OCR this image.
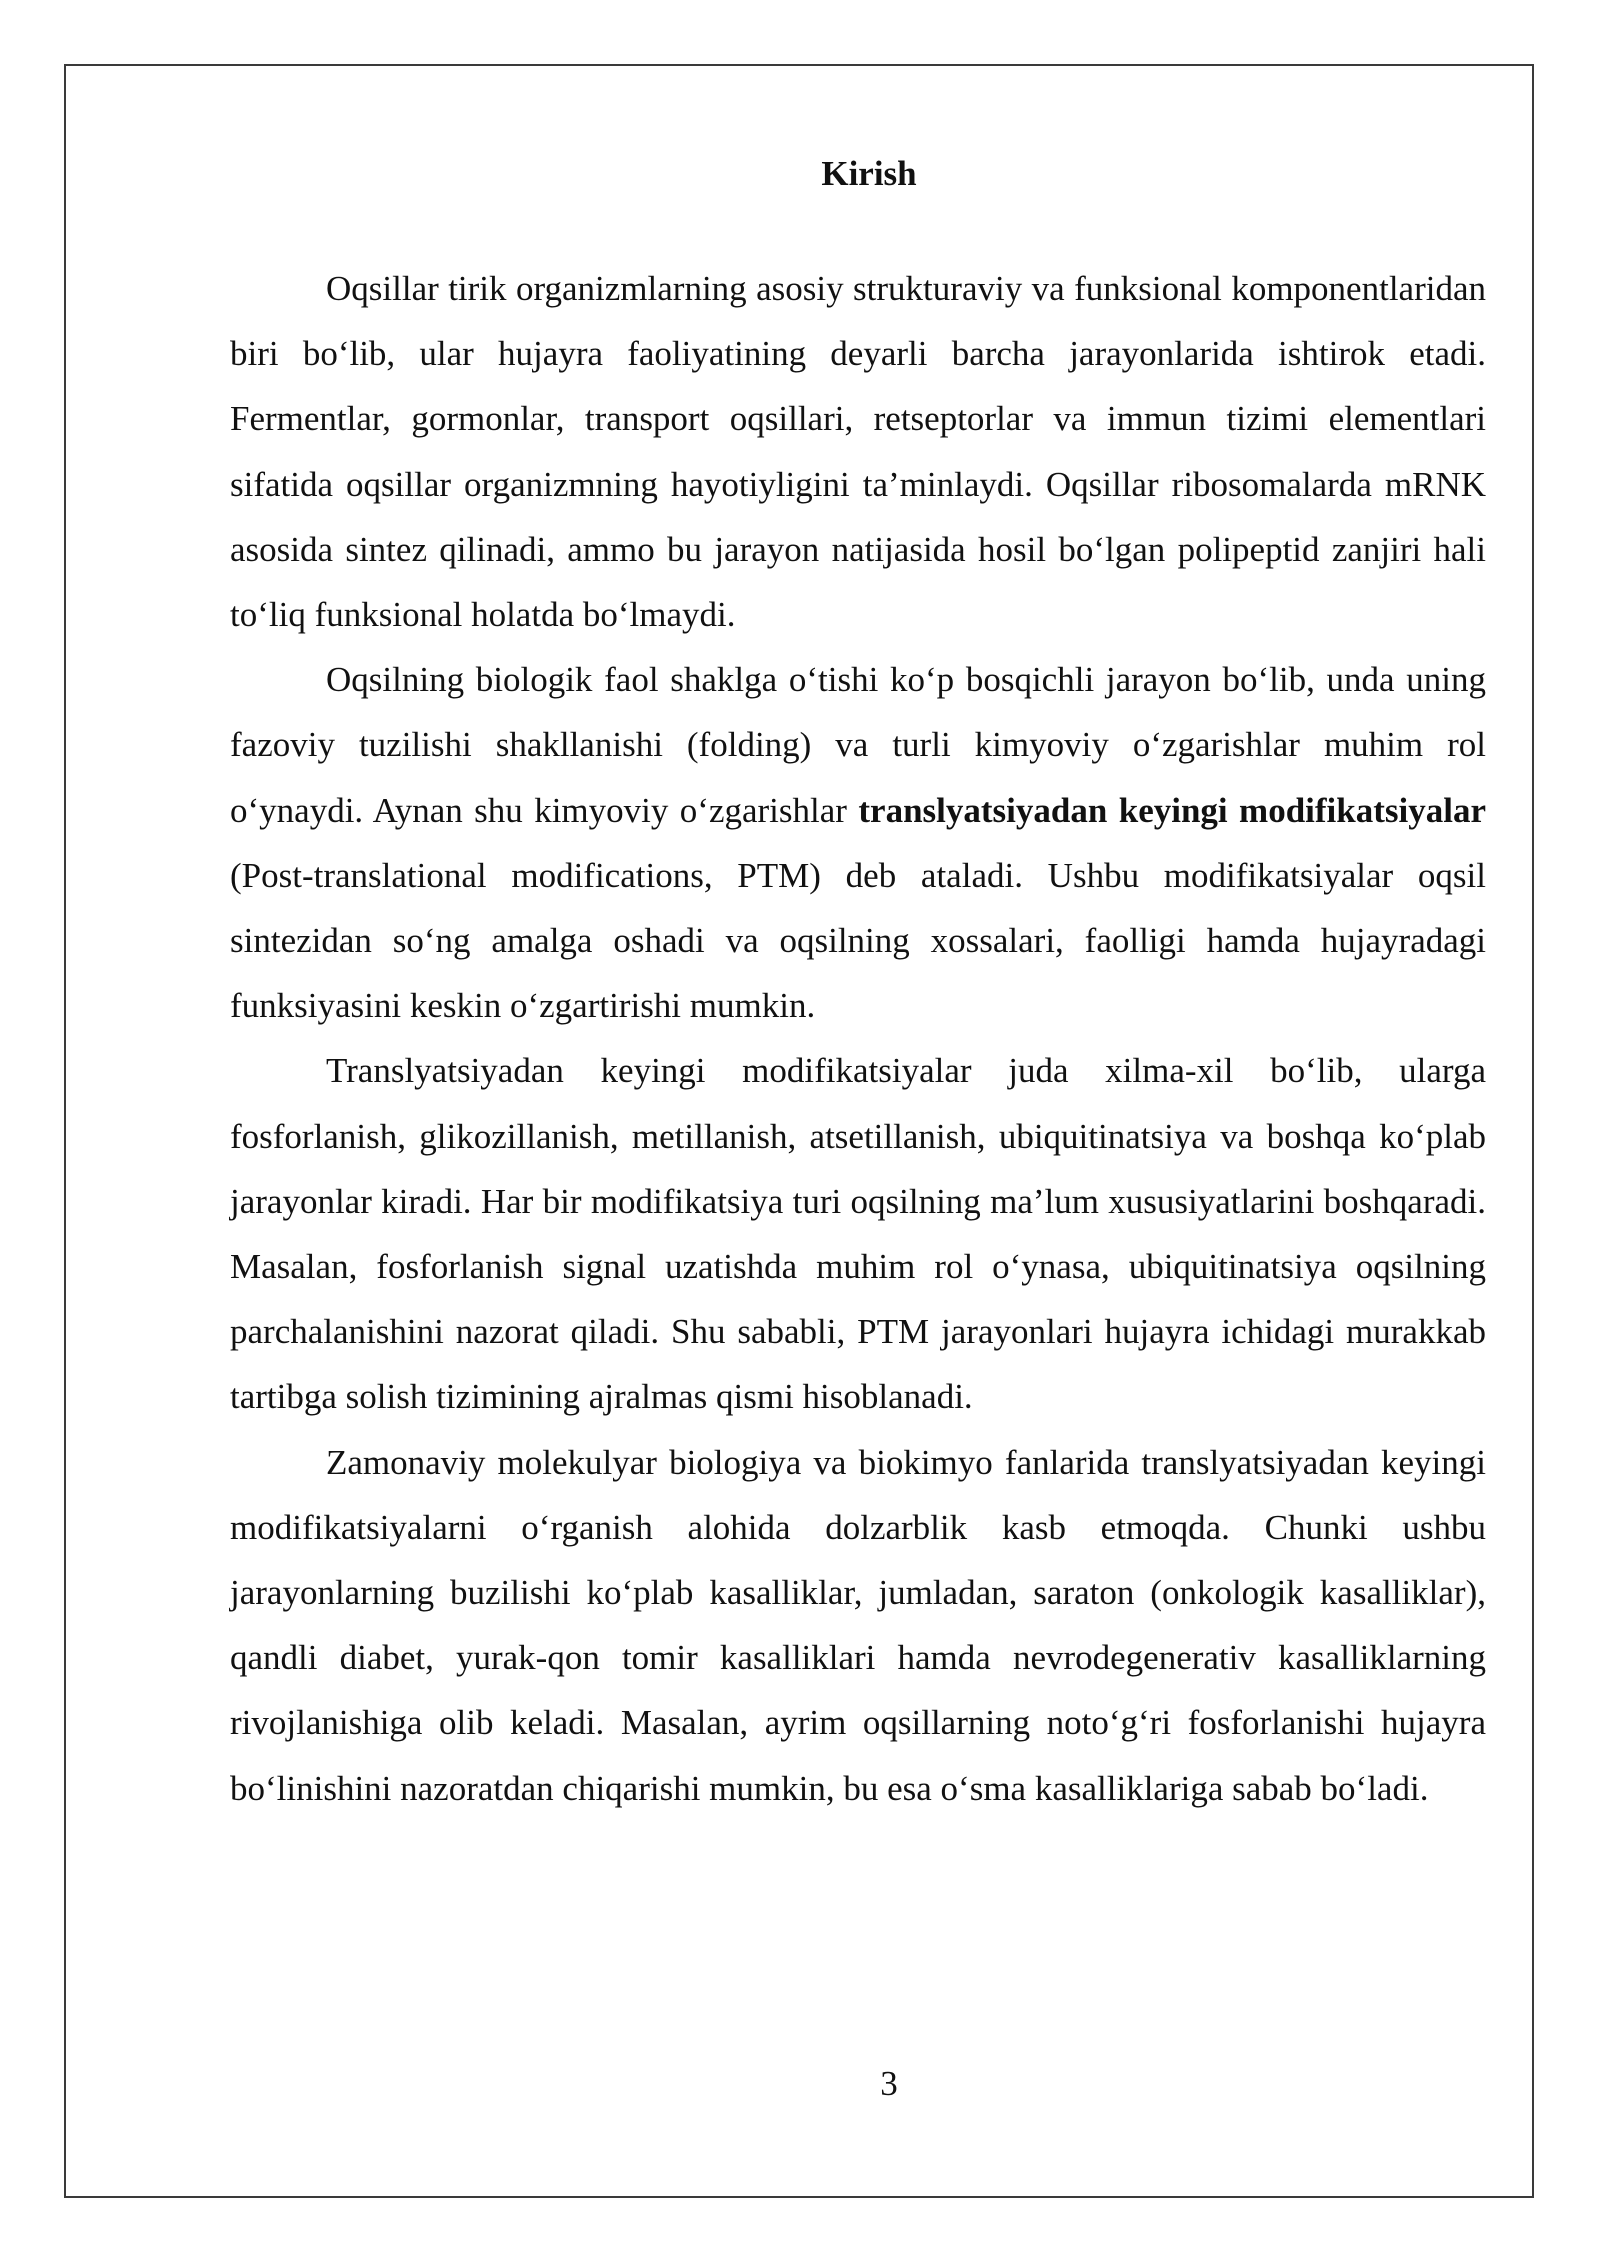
Kirish

Oqsillar tirik organizmlarning asosiy strukturaviy va funksional komponentlaridan biri bo‘lib, ular hujayra faoliyatining deyarli barcha jarayonlarida ishtirok etadi. Fermentlar, gormonlar, transport oqsillari, retseptorlar va immun tizimi elementlari sifatida oqsillar organizmning hayotiyligini ta’minlaydi. Oqsillar ribosomalarda mRNK asosida sintez qilinadi, ammo bu jarayon natijasida hosil bo‘lgan polipeptid zanjiri hali to‘liq funksional holatda bo‘lmaydi.

Oqsilning biologik faol shaklga o‘tishi ko‘p bosqichli jarayon bo‘lib, unda uning fazoviy tuzilishi shakllanishi (folding) va turli kimyoviy o‘zgarishlar muhim rol o‘ynaydi. Aynan shu kimyoviy o‘zgarishlar translyatsiyadan keyingi modifikatsiyalar (Post-translational modifications, PTM) deb ataladi. Ushbu modifikatsiyalar oqsil sintezidan so‘ng amalga oshadi va oqsilning xossalari, faolligi hamda hujayradagi funksiyasini keskin o‘zgartirishi mumkin.

Translyatsiyadan keyingi modifikatsiyalar juda xilma-xil bo‘lib, ularga fosforlanish, glikozillanish, metillanish, atsetillanish, ubiquitinatsiya va boshqa ko‘plab jarayonlar kiradi. Har bir modifikatsiya turi oqsilning ma’lum xususiyatlarini boshqaradi. Masalan, fosforlanish signal uzatishda muhim rol o‘ynasa, ubiquitinatsiya oqsilning parchalanishini nazorat qiladi. Shu sababli, PTM jarayonlari hujayra ichidagi murakkab tartibga solish tizimining ajralmas qismi hisoblanadi.

Zamonaviy molekulyar biologiya va biokimyo fanlarida translyatsiyadan keyingi modifikatsiyalarni o‘rganish alohida dolzarblik kasb etmoqda. Chunki ushbu jarayonlarning buzilishi ko‘plab kasalliklar, jumladan, saraton (onkologik kasalliklar), qandli diabet, yurak-qon tomir kasalliklari hamda nevrodegenerativ kasalliklarning rivojlanishiga olib keladi. Masalan, ayrim oqsillarning noto‘g‘ri fosforlanishi hujayra bo‘linishini nazoratdan chiqarishi mumkin, bu esa o‘sma kasalliklariga sabab bo‘ladi.

3
